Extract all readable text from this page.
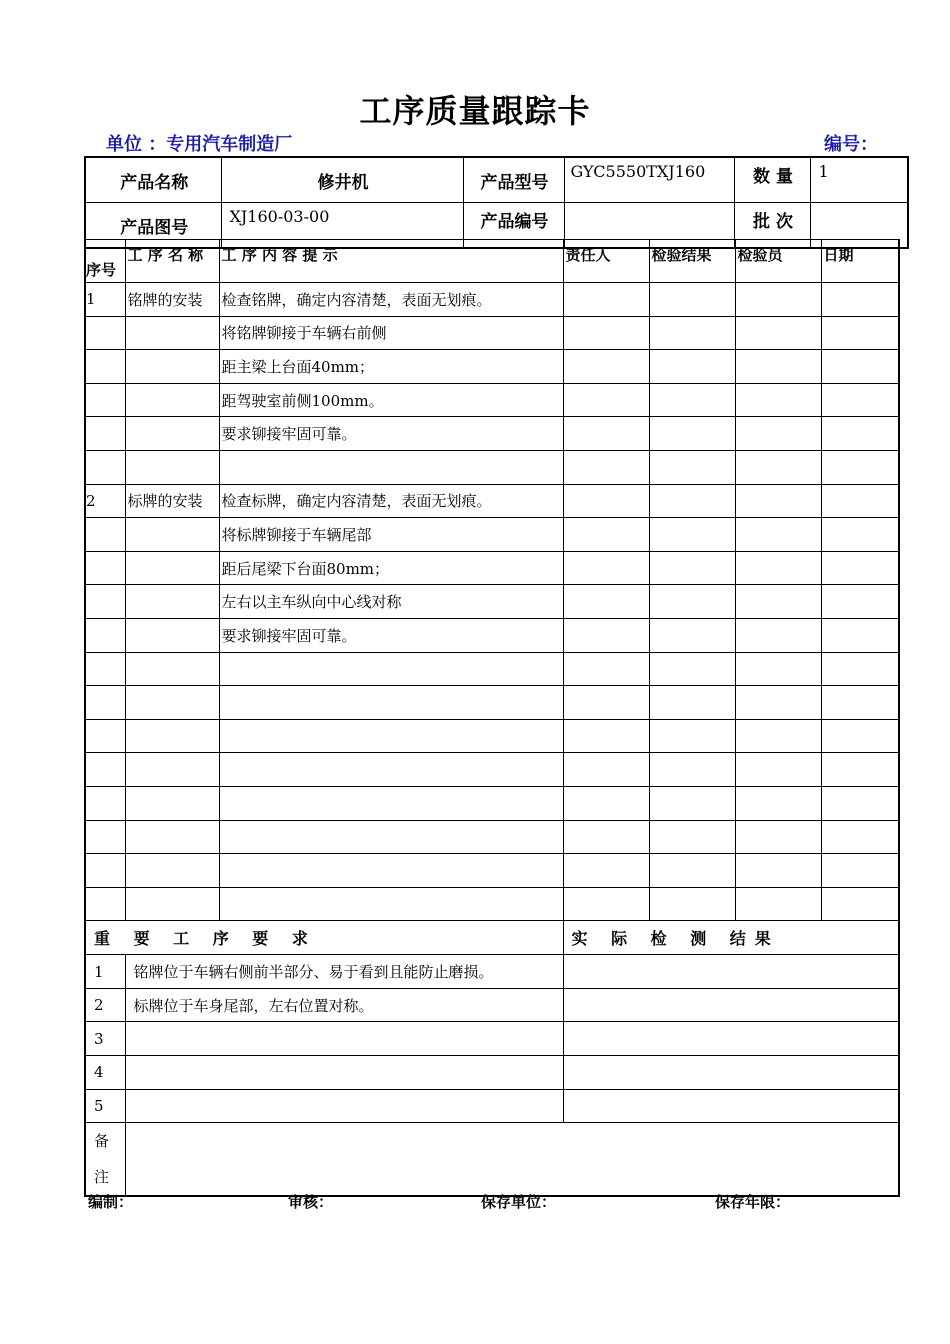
工序质量跟踪卡
单位 ：专用汽车制造厂	编号：
产品名称	修井机	产品型号	GYC5550TXJ160	数 量	1
产品图号	XJ160-03-00	产品编号		批 次	
序号	工 序 名 称	工 序 内 容 提 示	责任人	检验结果	检验员	日期
1	铭牌的安装	检查铭牌，确定内容清楚，表面无划痕。				
		将铭牌铆接于车辆右前侧				
		距主梁上台面40mm；				
		距驾驶室前侧100mm。				
		要求铆接牢固可靠。				

2	标牌的安装	检查标牌，确定内容清楚，表面无划痕。				
		将标牌铆接于车辆尾部				
		距后尾梁下台面80mm；				
		左右以主车纵向中心线对称				
		要求铆接牢固可靠。				

重 要 工 序 要 求			实 际 检 测 结果			
1	铭牌位于车辆右侧前半部分、易于看到且能防止磨损。					
2	标牌位于车身尾部，左右位置对称。					
3						
4						
5						

备
注						

编制：	审核：	保存单位：	保存年限：
